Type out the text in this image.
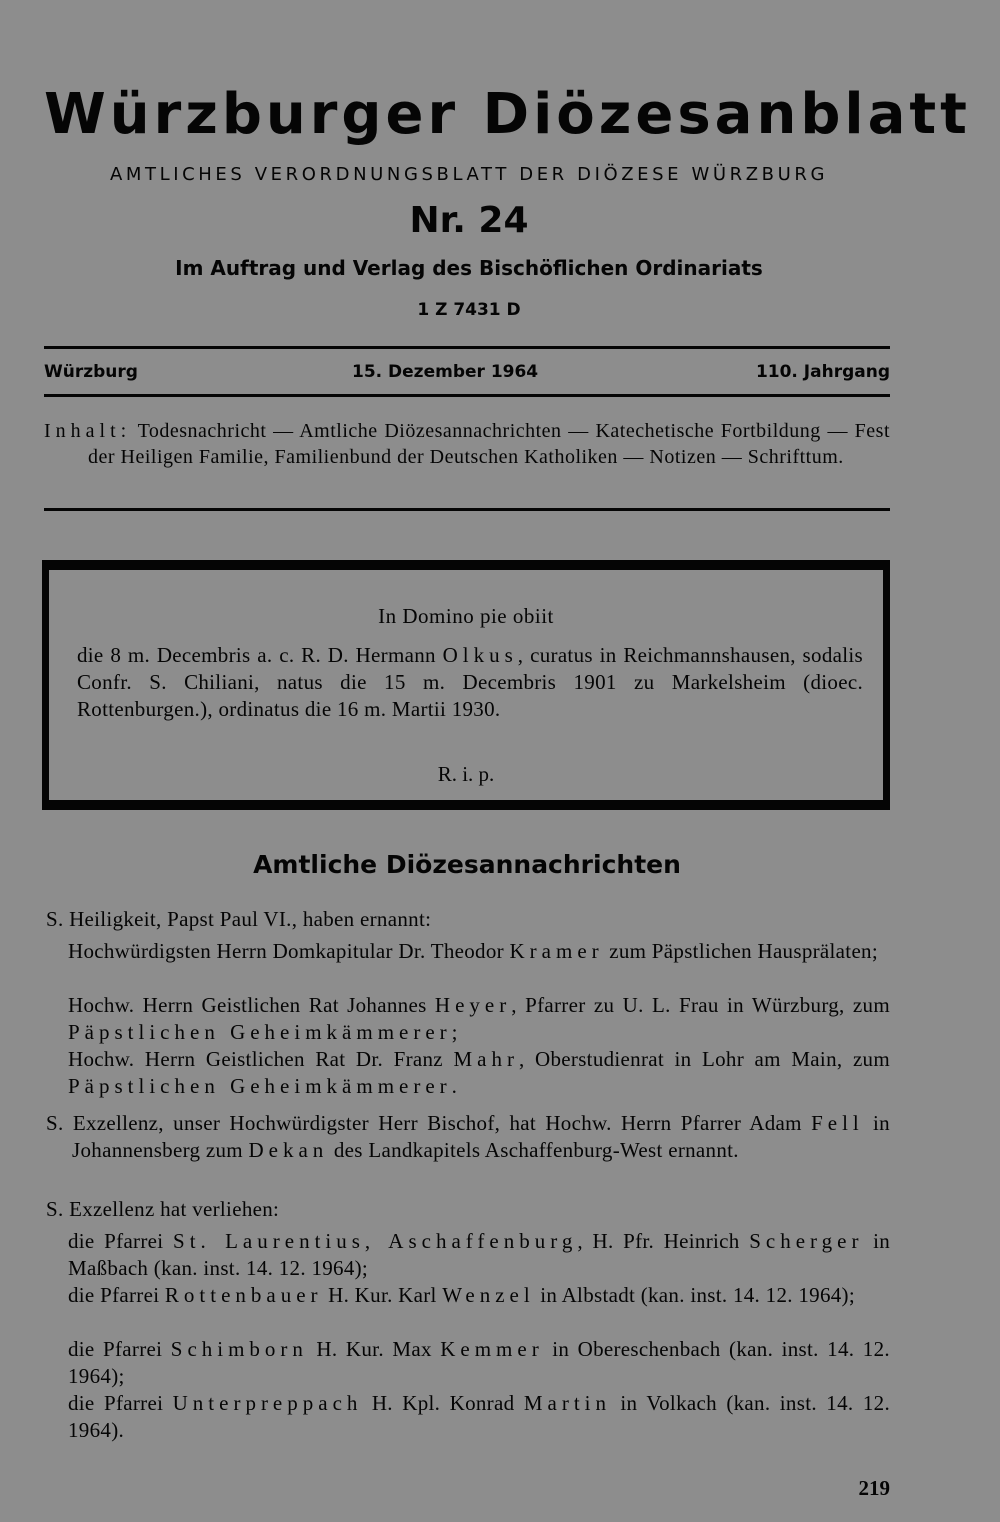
Würzburger Diözesanblatt
AMTLICHES VERORDNUNGSBLATT DER DIÖZESE WÜRZBURG
Nr. 24
Im Auftrag und Verlag des Bischöflichen Ordinariats
1 Z 7431 D
Würzburg	15. Dezember 1964	110. Jahrgang
Inhalt: Todesnachricht — Amtliche Diözesannachrichten — Katechetische Fortbildung — Fest der Heiligen Familie, Familienbund der Deutschen Katholiken — Notizen — Schrifttum.
In Domino pie obiit
die 8 m. Decembris a. c. R. D. Hermann Olkus, curatus in Reichmannshausen, sodalis Confr. S. Chiliani, natus die 15 m. Decembris 1901 zu Markelsheim (dioec. Rottenburgen.), ordinatus die 16 m. Martii 1930.
R. i. p.
Amtliche Diözesannachrichten
S. Heiligkeit, Papst Paul VI., haben ernannt:
Hochwürdigsten Herrn Domkapitular Dr. Theodor Kramer zum Päpstlichen Hausprälaten;
Hochw. Herrn Geistlichen Rat Johannes Heyer, Pfarrer zu U. L. Frau in Würzburg, zum Päpstlichen Geheimkämmerer;
Hochw. Herrn Geistlichen Rat Dr. Franz Mahr, Oberstudienrat in Lohr am Main, zum Päpstlichen Geheimkämmerer.
S. Exzellenz, unser Hochwürdigster Herr Bischof, hat Hochw. Herrn Pfarrer Adam Fell in Johannensberg zum Dekan des Landkapitels Aschaffenburg-West ernannt.
S. Exzellenz hat verliehen:
die Pfarrei St. Laurentius, Aschaffenburg, H. Pfr. Heinrich Scherger in Maßbach (kan. inst. 14. 12. 1964);
die Pfarrei Rottenbauer H. Kur. Karl Wenzel in Albstadt (kan. inst. 14. 12. 1964);
die Pfarrei Schimborn H. Kur. Max Kemmer in Obereschenbach (kan. inst. 14. 12. 1964);
die Pfarrei Unterpreppach H. Kpl. Konrad Martin in Volkach (kan. inst. 14. 12. 1964).
219
